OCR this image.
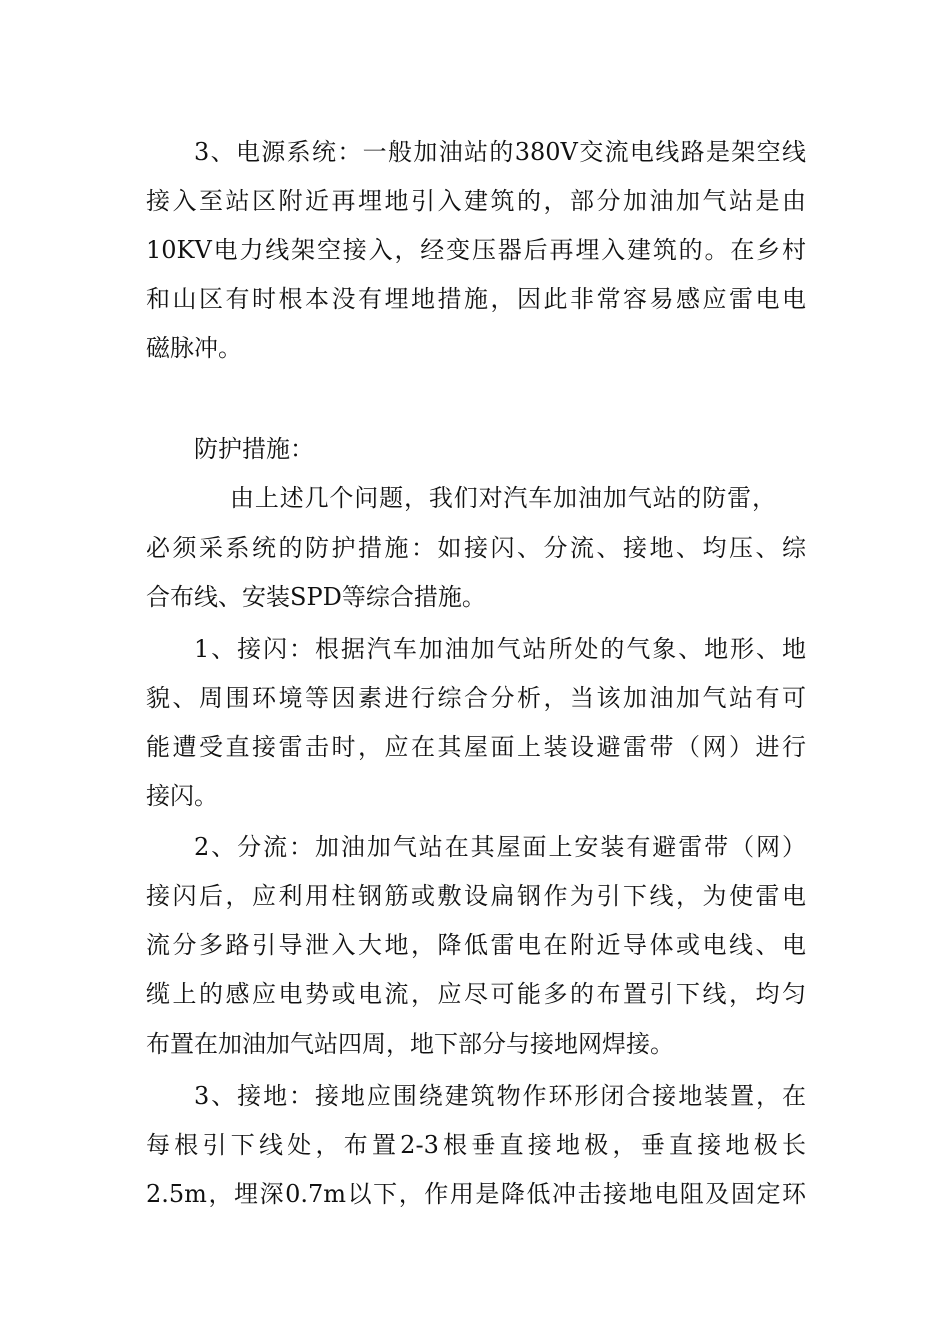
3、电源系统：一般加油站的380V交流电线路是架空线
接入至站区附近再埋地引入建筑的，部分加油加气站是由
10KV电力线架空接入，经变压器后再埋入建筑的。在乡村
和山区有时根本没有埋地措施，因此非常容易感应雷电电
磁脉冲。
防护措施：
由上述几个问题，我们对汽车加油加气站的防雷，
必须采系统的防护措施：如接闪、分流、接地、均压、综
合布线、安装SPD等综合措施。
1、接闪：根据汽车加油加气站所处的气象、地形、地
貌、周围环境等因素进行综合分析，当该加油加气站有可
能遭受直接雷击时，应在其屋面上装设避雷带（网）进行
接闪。
2、分流：加油加气站在其屋面上安装有避雷带（网）
接闪后，应利用柱钢筋或敷设扁钢作为引下线，为使雷电
流分多路引导泄入大地，降低雷电在附近导体或电线、电
缆上的感应电势或电流，应尽可能多的布置引下线，均匀
布置在加油加气站四周，地下部分与接地网焊接。
3、接地：接地应围绕建筑物作环形闭合接地装置，在
每根引下线处，布置2-3根垂直接地极，垂直接地极长
2.5m，埋深0.7m以下，作用是降低冲击接地电阻及固定环
